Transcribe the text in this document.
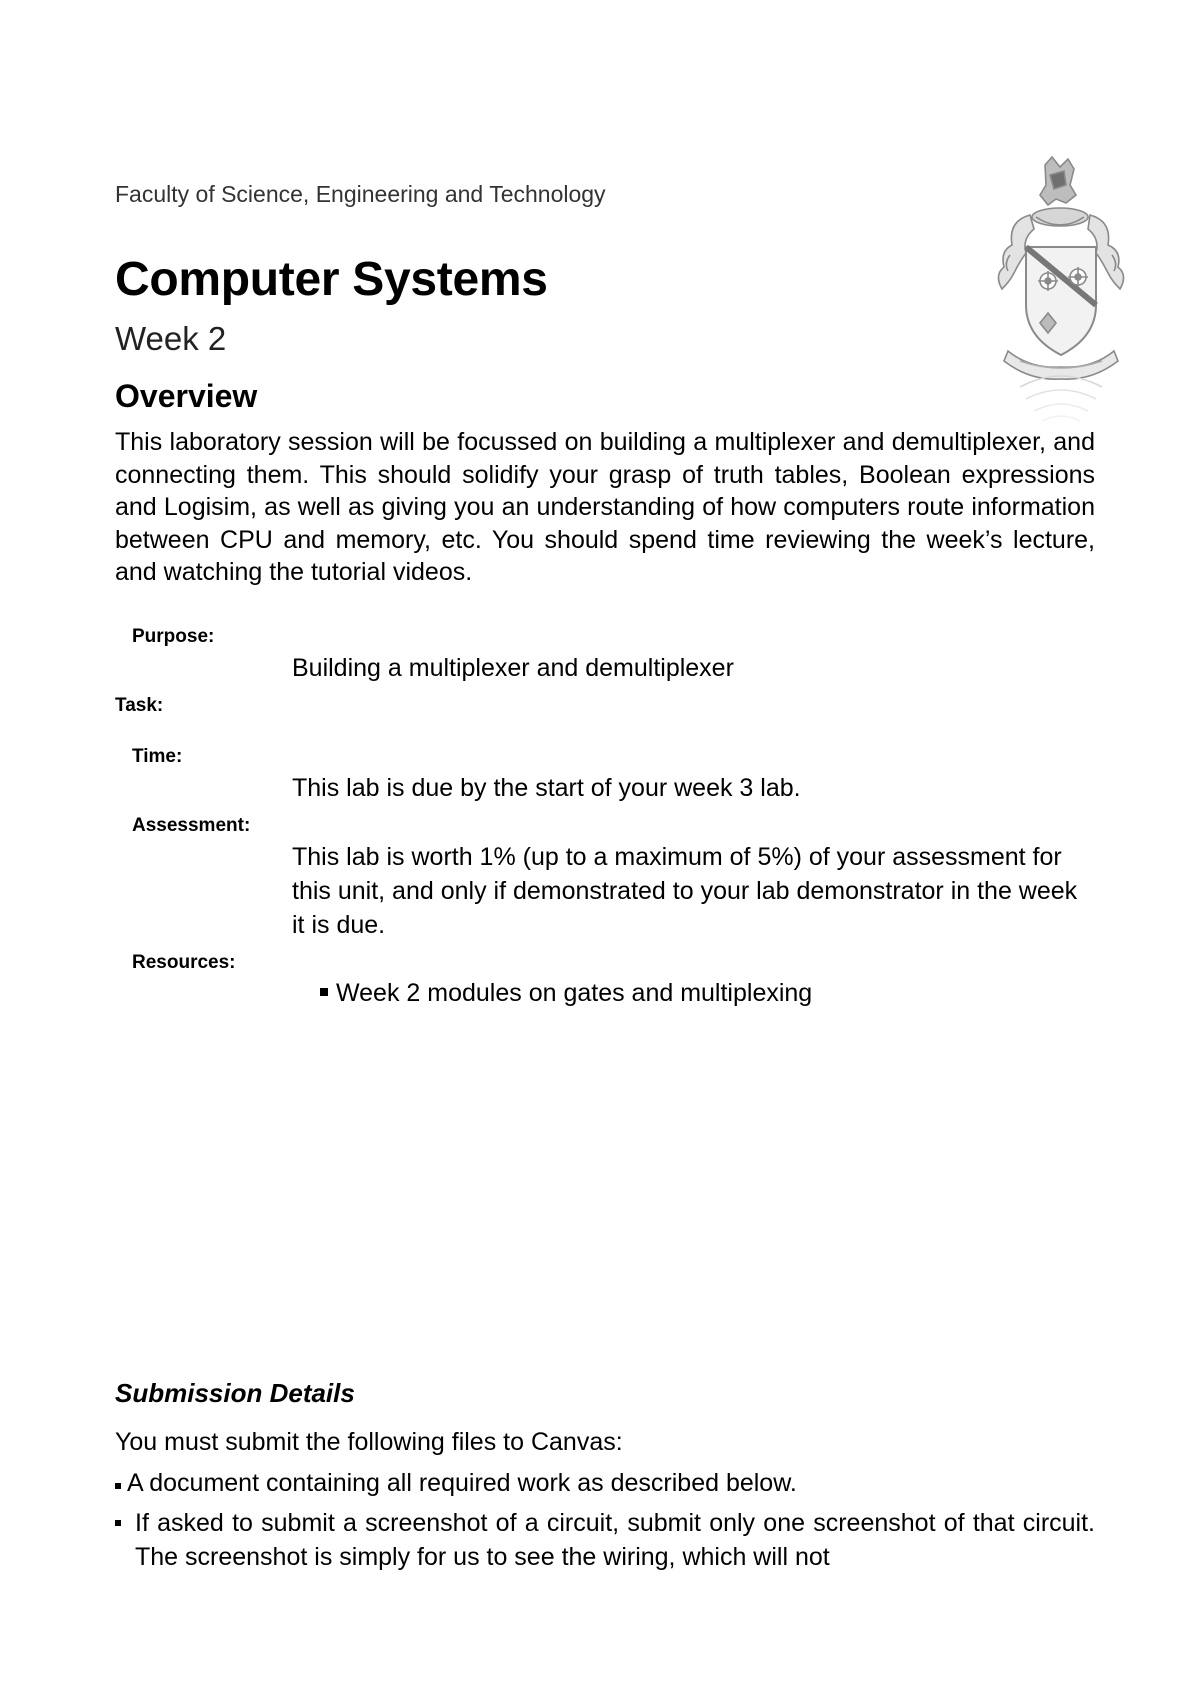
Faculty of Science, Engineering and Technology
Computer Systems
Week 2
Overview

This laboratory session will be focussed on building a multiplexer and demultiplexer, and connecting them. This should solidify your grasp of truth tables, Boolean expressions and Logisim, as well as giving you an understanding of how computers route information between CPU and memory, etc. You should spend time reviewing the week’s lecture, and watching the tutorial videos.

Purpose:
Building a multiplexer and demultiplexer
Task:
Time:
This lab is due by the start of your week 3 lab.
Assessment:
This lab is worth 1% (up to a maximum of 5%) of your assessment for this unit, and only if demonstrated to your lab demonstrator in the week it is due.
Resources:
Week 2 modules on gates and multiplexing
Submission Details
You must submit the following files to Canvas:
A document containing all required work as described below.
If asked to submit a screenshot of a circuit, submit only one screenshot of that circuit. The screenshot is simply for us to see the wiring, which will not
